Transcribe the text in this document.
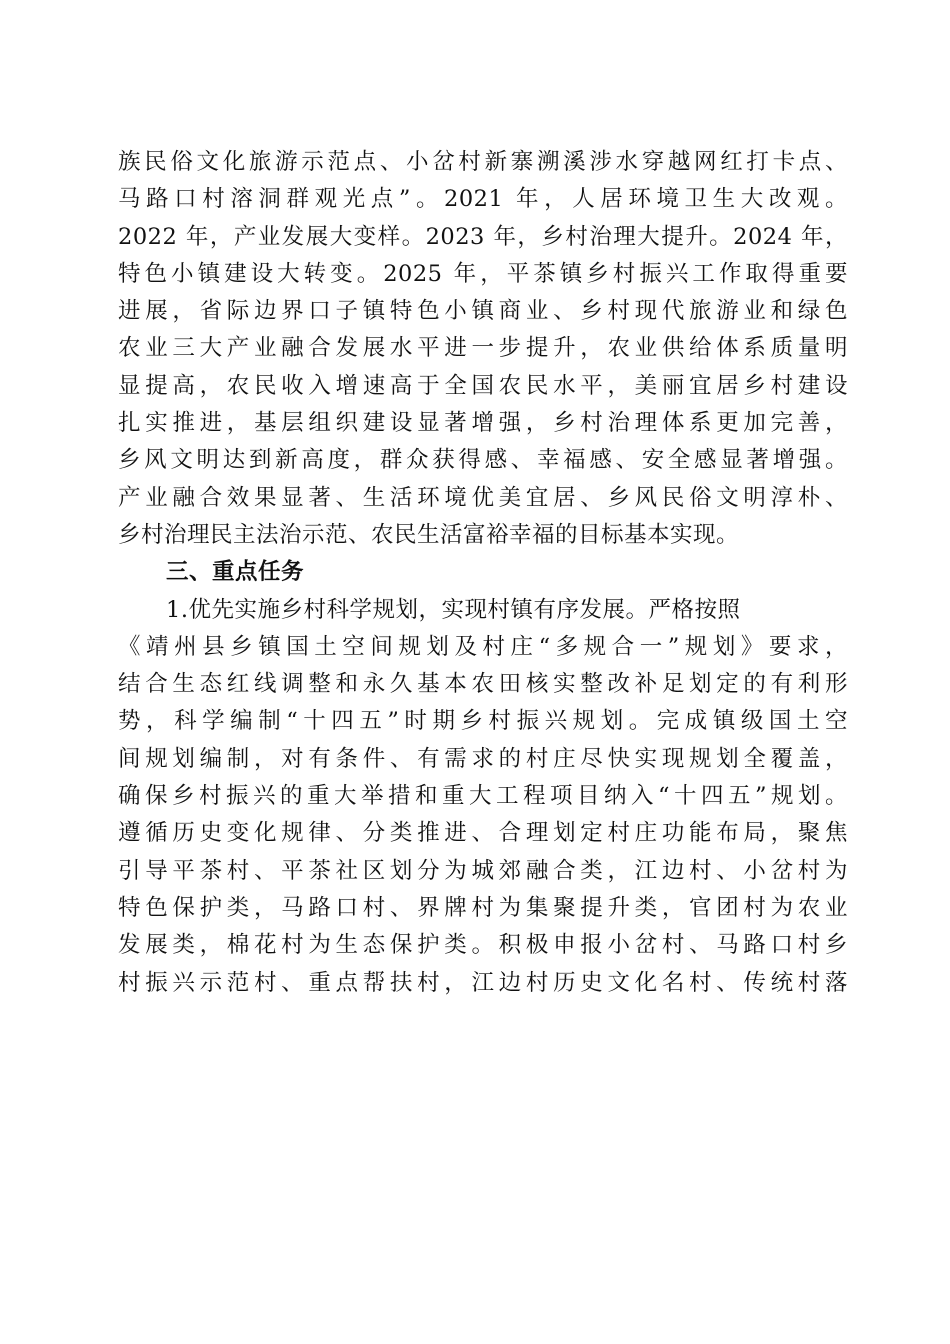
族民俗文化旅游示范点、小岔村新寨溯溪涉水穿越网红打卡点、
马路口村溶洞群观光点”。2021 年，人居环境卫生大改观。
2022 年，产业发展大变样。2023 年，乡村治理大提升。2024 年，
特色小镇建设大转变。2025 年，平茶镇乡村振兴工作取得重要
进展，省际边界口子镇特色小镇商业、乡村现代旅游业和绿色
农业三大产业融合发展水平进一步提升，农业供给体系质量明
显提高，农民收入增速高于全国农民水平，美丽宜居乡村建设
扎实推进，基层组织建设显著增强，乡村治理体系更加完善，
乡风文明达到新高度，群众获得感、幸福感、安全感显著增强。
产业融合效果显著、生活环境优美宜居、乡风民俗文明淳朴、
乡村治理民主法治示范、农民生活富裕幸福的目标基本实现。
三、重点任务
1.优先实施乡村科学规划，实现村镇有序发展。严格按照
《靖州县乡镇国土空间规划及村庄“多规合一”规划》要求，
结合生态红线调整和永久基本农田核实整改补足划定的有利形
势，科学编制“十四五”时期乡村振兴规划。完成镇级国土空
间规划编制，对有条件、有需求的村庄尽快实现规划全覆盖，
确保乡村振兴的重大举措和重大工程项目纳入“十四五”规划。
遵循历史变化规律、分类推进、合理划定村庄功能布局，聚焦
引导平茶村、平茶社区划分为城郊融合类，江边村、小岔村为
特色保护类，马路口村、界牌村为集聚提升类，官团村为农业
发展类，棉花村为生态保护类。积极申报小岔村、马路口村乡
村振兴示范村、重点帮扶村，江边村历史文化名村、传统村落
